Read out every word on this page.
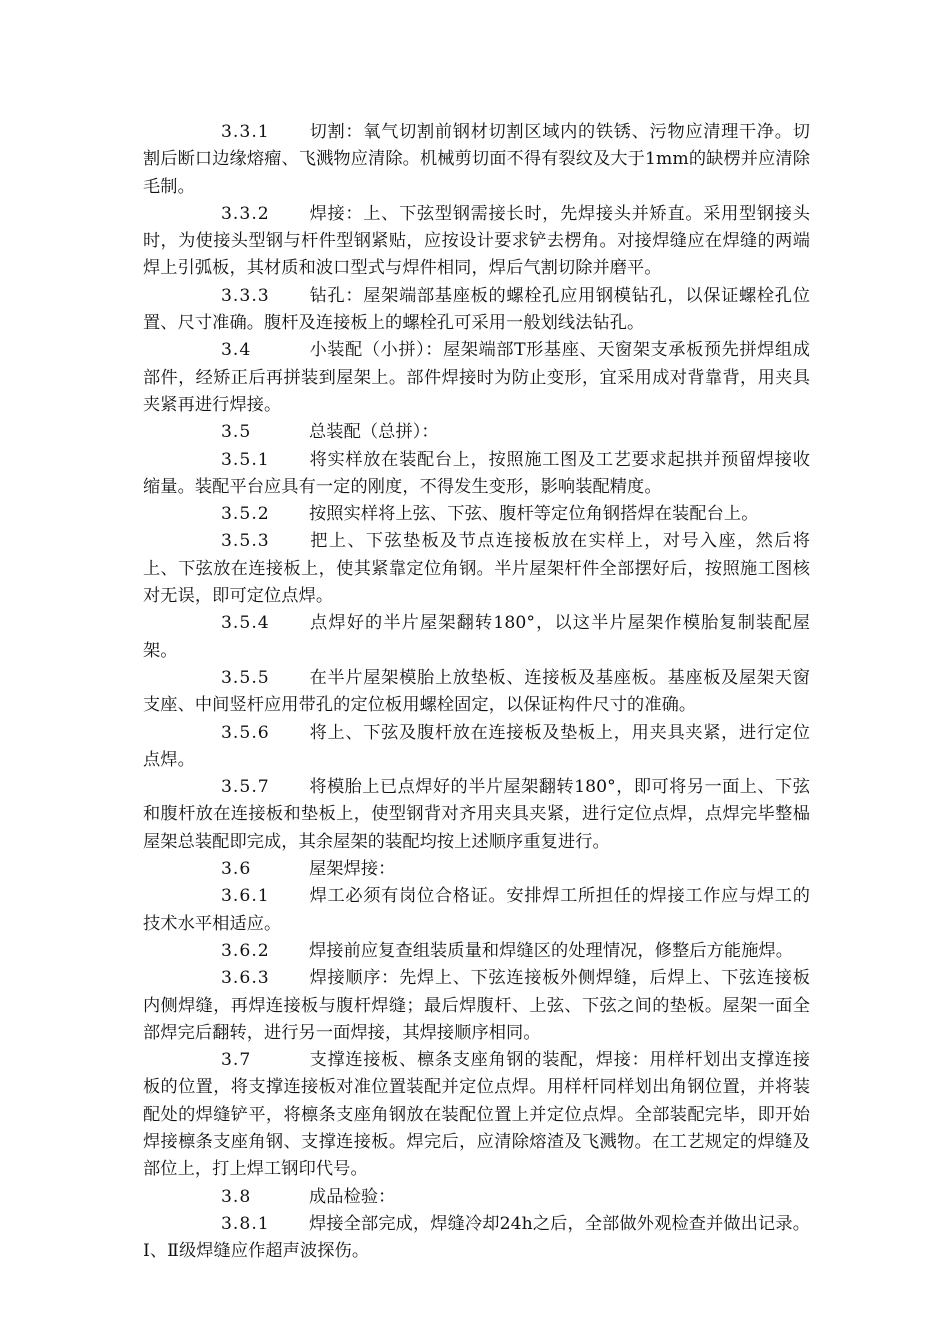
3.3.1 切割：氧气切割前钢材切割区域内的铁锈、污物应清理干净。切割后断口边缘熔瘤、飞溅物应清除。机械剪切面不得有裂纹及大于1mm的缺楞并应清除毛制。

3.3.2 焊接：上、下弦型钢需接长时，先焊接头并矫直。采用型钢接头时，为使接头型钢与杆件型钢紧贴，应按设计要求铲去楞角。对接焊缝应在焊缝的两端焊上引弧板，其材质和波口型式与焊件相同，焊后气割切除并磨平。

3.3.3 钻孔：屋架端部基座板的螺栓孔应用钢模钻孔，以保证螺栓孔位置、尺寸准确。腹杆及连接板上的螺栓孔可采用一般划线法钻孔。

3.4	小装配（小拼）：屋架端部T形基座、天窗架支承板预先拼焊组成部件，经矫正后再拼装到屋架上。部件焊接时为防止变形，宜采用成对背靠背，用夹具夹紧再进行焊接。

3.5	总装配（总拼）：

3.5.1 将实样放在装配台上，按照施工图及工艺要求起拱并预留焊接收缩量。装配平台应具有一定的刚度，不得发生变形，影响装配精度。

3.5.2 按照实样将上弦、下弦、腹杆等定位角钢搭焊在装配台上。

3.5.3 把上、下弦垫板及节点连接板放在实样上，对号入座，然后将上、下弦放在连接板上，使其紧靠定位角钢。半片屋架杆件全部摆好后，按照施工图核对无误，即可定位点焊。

3.5.4 点焊好的半片屋架翻转180°，以这半片屋架作模胎复制装配屋架。

3.5.5 在半片屋架模胎上放垫板、连接板及基座板。基座板及屋架天窗支座、中间竖杆应用带孔的定位板用螺栓固定，以保证构件尺寸的准确。

3.5.6 将上、下弦及腹杆放在连接板及垫板上，用夹具夹紧，进行定位点焊。

3.5.7 将模胎上已点焊好的半片屋架翻转180°，即可将另一面上、下弦和腹杆放在连接板和垫板上，使型钢背对齐用夹具夹紧，进行定位点焊，点焊完毕整榀屋架总装配即完成，其余屋架的装配均按上述顺序重复进行。

3.6	屋架焊接：

3.6.1 焊工必须有岗位合格证。安排焊工所担任的焊接工作应与焊工的技术水平相适应。

3.6.2 焊接前应复查组装质量和焊缝区的处理情况，修整后方能施焊。

3.6.3 焊接顺序：先焊上、下弦连接板外侧焊缝，后焊上、下弦连接板内侧焊缝，再焊连接板与腹杆焊缝；最后焊腹杆、上弦、下弦之间的垫板。屋架一面全部焊完后翻转，进行另一面焊接，其焊接顺序相同。

3.7	支撑连接板、檩条支座角钢的装配，焊接：用样杆划出支撑连接板的位置，将支撑连接板对准位置装配并定位点焊。用样杆同样划出角钢位置，并将装配处的焊缝铲平，将檩条支座角钢放在装配位置上并定位点焊。全部装配完毕，即开始焊接檩条支座角钢、支撑连接板。焊完后，应清除熔渣及飞溅物。在工艺规定的焊缝及部位上，打上焊工钢印代号。

3.8	成品检验：

3.8.1 焊接全部完成，焊缝冷却24h之后，全部做外观检查并做出记录。Ⅰ、Ⅱ级焊缝应作超声波探伤。
